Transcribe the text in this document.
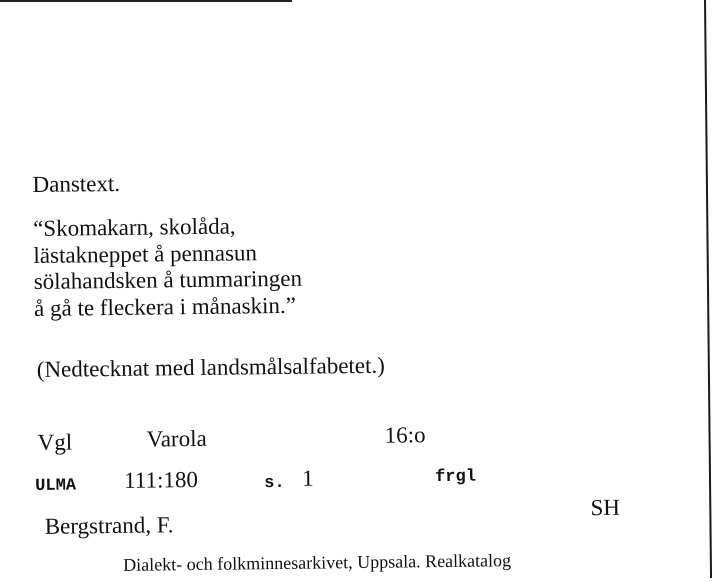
Danstext.
“Skomakarn, skolåda,
lästakneppet å pennasun
sölahandsken å tummaringen
å gå te fleckera i månaskin.”
(Nedtecknat med landsmålsalfabetet.)
Vgl	Varola	16:o
ULMA 111:180	s. 1	frgl
Bergstrand, F.
SH
Dialekt- och folkminnesarkivet, Uppsala. Realkatalog
